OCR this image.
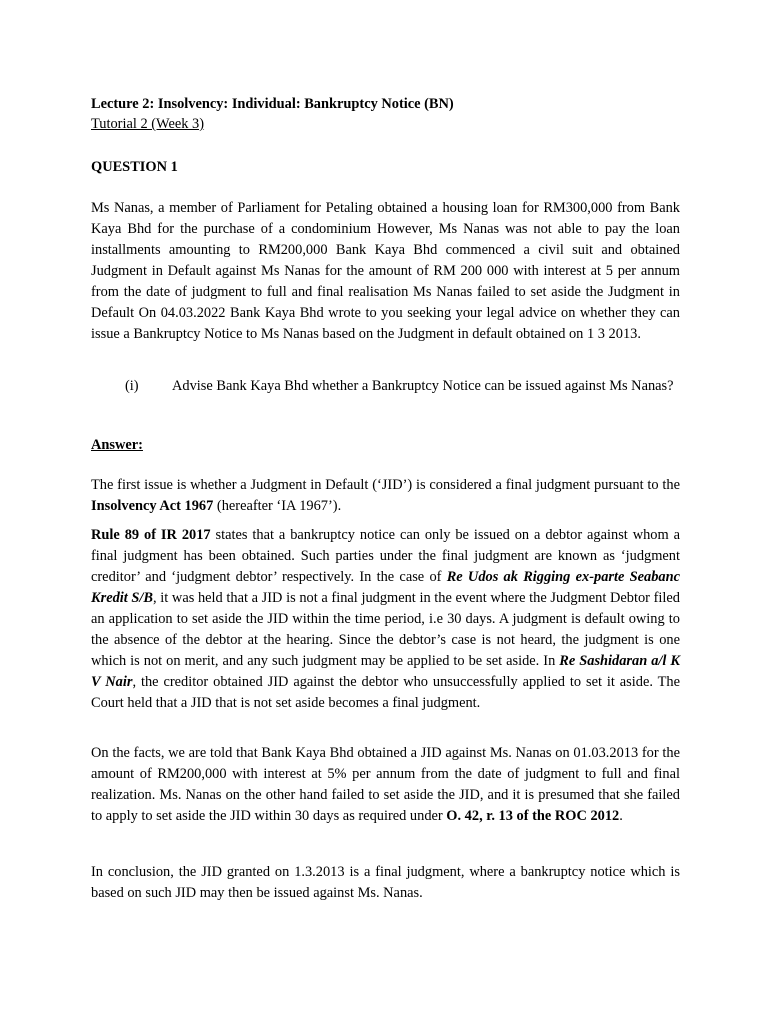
Lecture 2: Insolvency: Individual: Bankruptcy Notice (BN)
Tutorial 2 (Week 3)
QUESTION 1

Ms Nanas, a member of Parliament for Petaling obtained a housing loan for RM300,000 from Bank Kaya Bhd for the purchase of a condominium However, Ms Nanas was not able to pay the loan installments amounting to RM200,000 Bank Kaya Bhd commenced a civil suit and obtained Judgment in Default against Ms Nanas for the amount of RM 200 000 with interest at 5 per annum from the date of judgment to full and final realisation Ms Nanas failed to set aside the Judgment in Default On 04.03.2022 Bank Kaya Bhd wrote to you seeking your legal advice on whether they can issue a Bankruptcy Notice to Ms Nanas based on the Judgment in default obtained on 1 3 2013.

(i) Advise Bank Kaya Bhd whether a Bankruptcy Notice can be issued against Ms Nanas?
Answer:

The first issue is whether a Judgment in Default (‘JID’) is considered a final judgment pursuant to the Insolvency Act 1967 (hereafter ‘IA 1967’).

Rule 89 of IR 2017 states that a bankruptcy notice can only be issued on a debtor against whom a final judgment has been obtained. Such parties under the final judgment are known as ‘judgment creditor’ and ‘judgment debtor’ respectively. In the case of Re Udos ak Rigging ex-parte Seabanc Kredit S/B, it was held that a JID is not a final judgment in the event where the Judgment Debtor filed an application to set aside the JID within the time period, i.e 30 days. A judgment is default owing to the absence of the debtor at the hearing. Since the debtor’s case is not heard, the judgment is one which is not on merit, and any such judgment may be applied to be set aside. In Re Sashidaran a/l K V Nair, the creditor obtained JID against the debtor who unsuccessfully applied to set it aside. The Court held that a JID that is not set aside becomes a final judgment.

On the facts, we are told that Bank Kaya Bhd obtained a JID against Ms. Nanas on 01.03.2013 for the amount of RM200,000 with interest at 5% per annum from the date of judgment to full and final realization. Ms. Nanas on the other hand failed to set aside the JID, and it is presumed that she failed to apply to set aside the JID within 30 days as required under O. 42, r. 13 of the ROC 2012.

In conclusion, the JID granted on 1.3.2013 is a final judgment, where a bankruptcy notice which is based on such JID may then be issued against Ms. Nanas.
